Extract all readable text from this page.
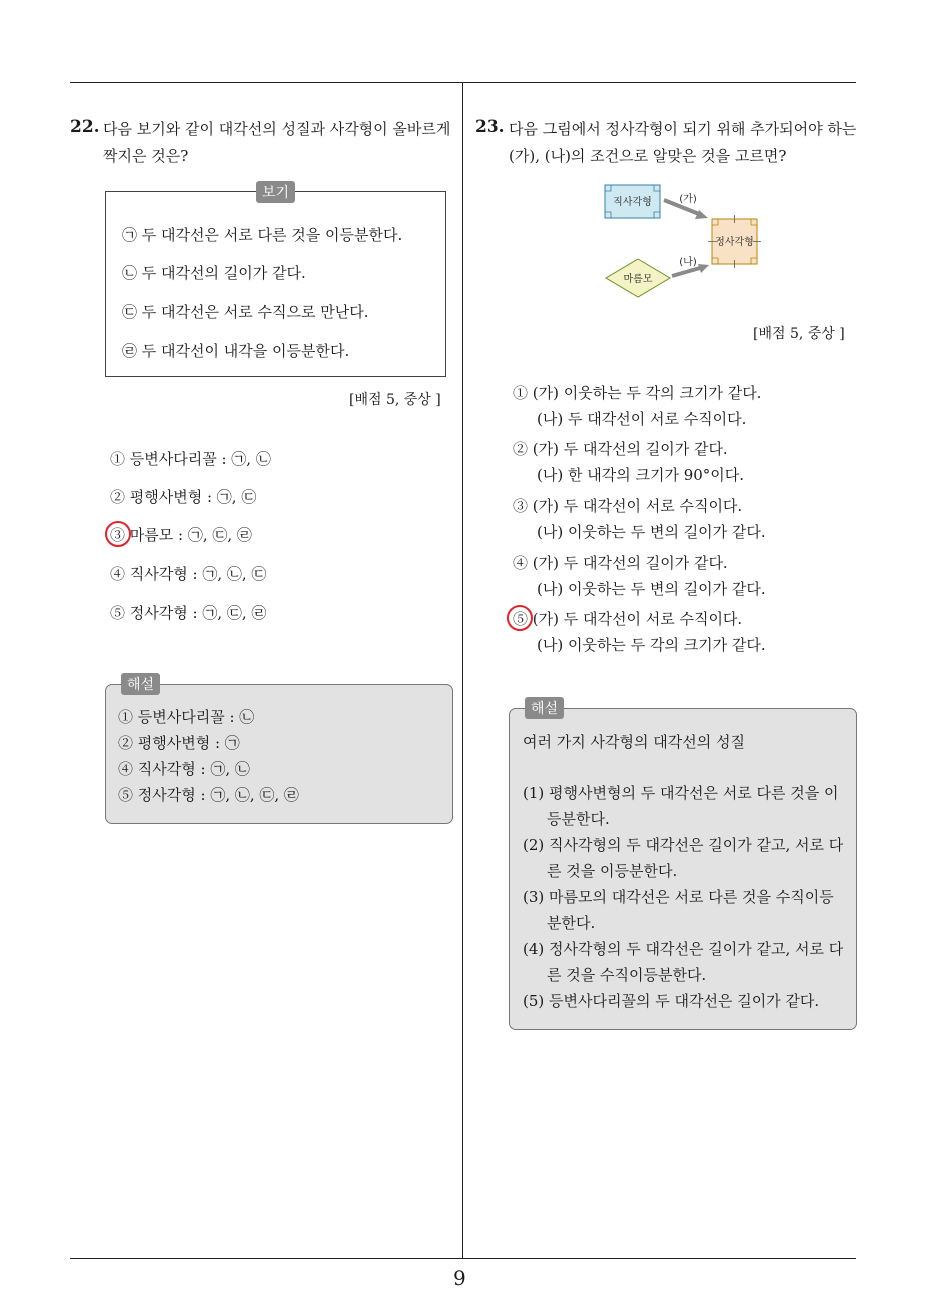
9
22. 다음 보기와 같이 대각선의 성질과 사각형이 올바르게
짝지은 것은?
보기
㉠ 두 대각선은 서로 다른 것을 이등분한다.
㉡ 두 대각선의 길이가 같다.
㉢ 두 대각선은 서로 수직으로 만난다.
㉣ 두 대각선이 내각을 이등분한다.
[배점 5, 중상 ]
① 등변사다리꼴 : ㉠, ㉡
② 평행사변형 : ㉠, ㉢
③ 마름모 : ㉠, ㉢, ㉣
④ 직사각형 : ㉠, ㉡, ㉢
⑤ 정사각형 : ㉠, ㉢, ㉣
해설
① 등변사다리꼴 : ㉡
② 평행사변형 : ㉠
④ 직사각형 : ㉠, ㉡
⑤ 정사각형 : ㉠, ㉡, ㉢, ㉣
23. 다음 그림에서 정사각형이 되기 위해 추가되어야 하는
(가), (나)의 조건으로 알맞은 것을 고르면?
직사각형
마름모
정사각형
(가)
(나)
[배점 5, 중상 ]
① (가) 이웃하는 두 각의 크기가 같다.
(나) 두 대각선이 서로 수직이다.
② (가) 두 대각선의 길이가 같다.
(나) 한 내각의 크기가 90°이다.
③ (가) 두 대각선이 서로 수직이다.
(나) 이웃하는 두 변의 길이가 같다.
④ (가) 두 대각선의 길이가 같다.
(나) 이웃하는 두 변의 길이가 같다.
⑤ (가) 두 대각선이 서로 수직이다.
(나) 이웃하는 두 각의 크기가 같다.
해설
여러 가지 사각형의 대각선의 성질
(1) 평행사변형의 두 대각선은 서로 다른 것을 이
등분한다.
(2) 직사각형의 두 대각선은 길이가 같고, 서로 다
른 것을 이등분한다.
(3) 마름모의 대각선은 서로 다른 것을 수직이등
분한다.
(4) 정사각형의 두 대각선은 길이가 같고, 서로 다
른 것을 수직이등분한다.
(5) 등변사다리꼴의 두 대각선은 길이가 같다.
